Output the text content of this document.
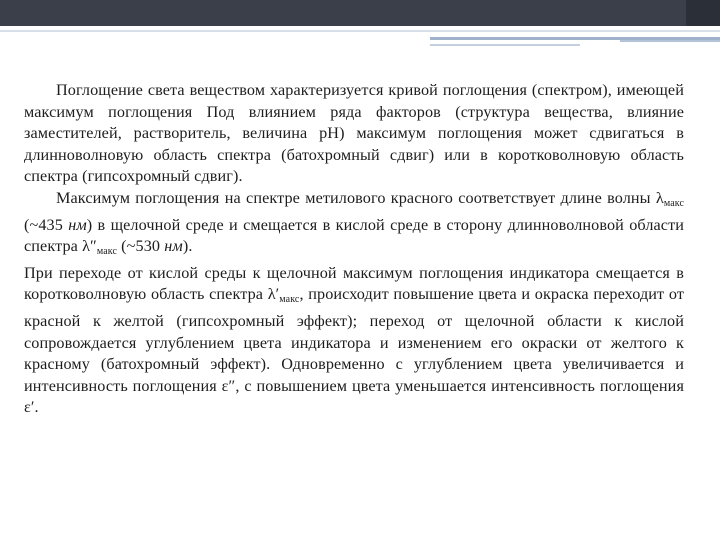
Поглощение света веществом характеризуется кривой поглощения (спектром), имеющей максимум поглощения Под влиянием ряда факторов (структура вещества, влияние заместителей, растворитель, величина pH) максимум поглощения может сдвигаться в длинноволновую область спектра (батохромный сдвиг) или в коротковолновую область спектра (гипсохромный сдвиг).

Максимум поглощения на спектре метилового красного соответствует длине волны $\lambda_{макс}$ (~435 нм) в щелочной среде и смещается в кислой среде в сторону длинноволновой области спектра $\lambda''_{макс}$ (~530 нм).

При переходе от кислой среды к щелочной максимум поглощения индикатора смещается в коротковолновую область спектра $\lambda'_{макс}$, происходит повышение цвета и окраска переходит от красной к желтой (гипсохромный эффект); переход от щелочной области к кислой сопровождается углублением цвета индикатора и изменением его окраски от желтого к красному (батохромный эффект). Одновременно с углублением цвета увеличивается и интенсивность поглощения ε″, с повышением цвета уменьшается интенсивность поглощения ε′.
